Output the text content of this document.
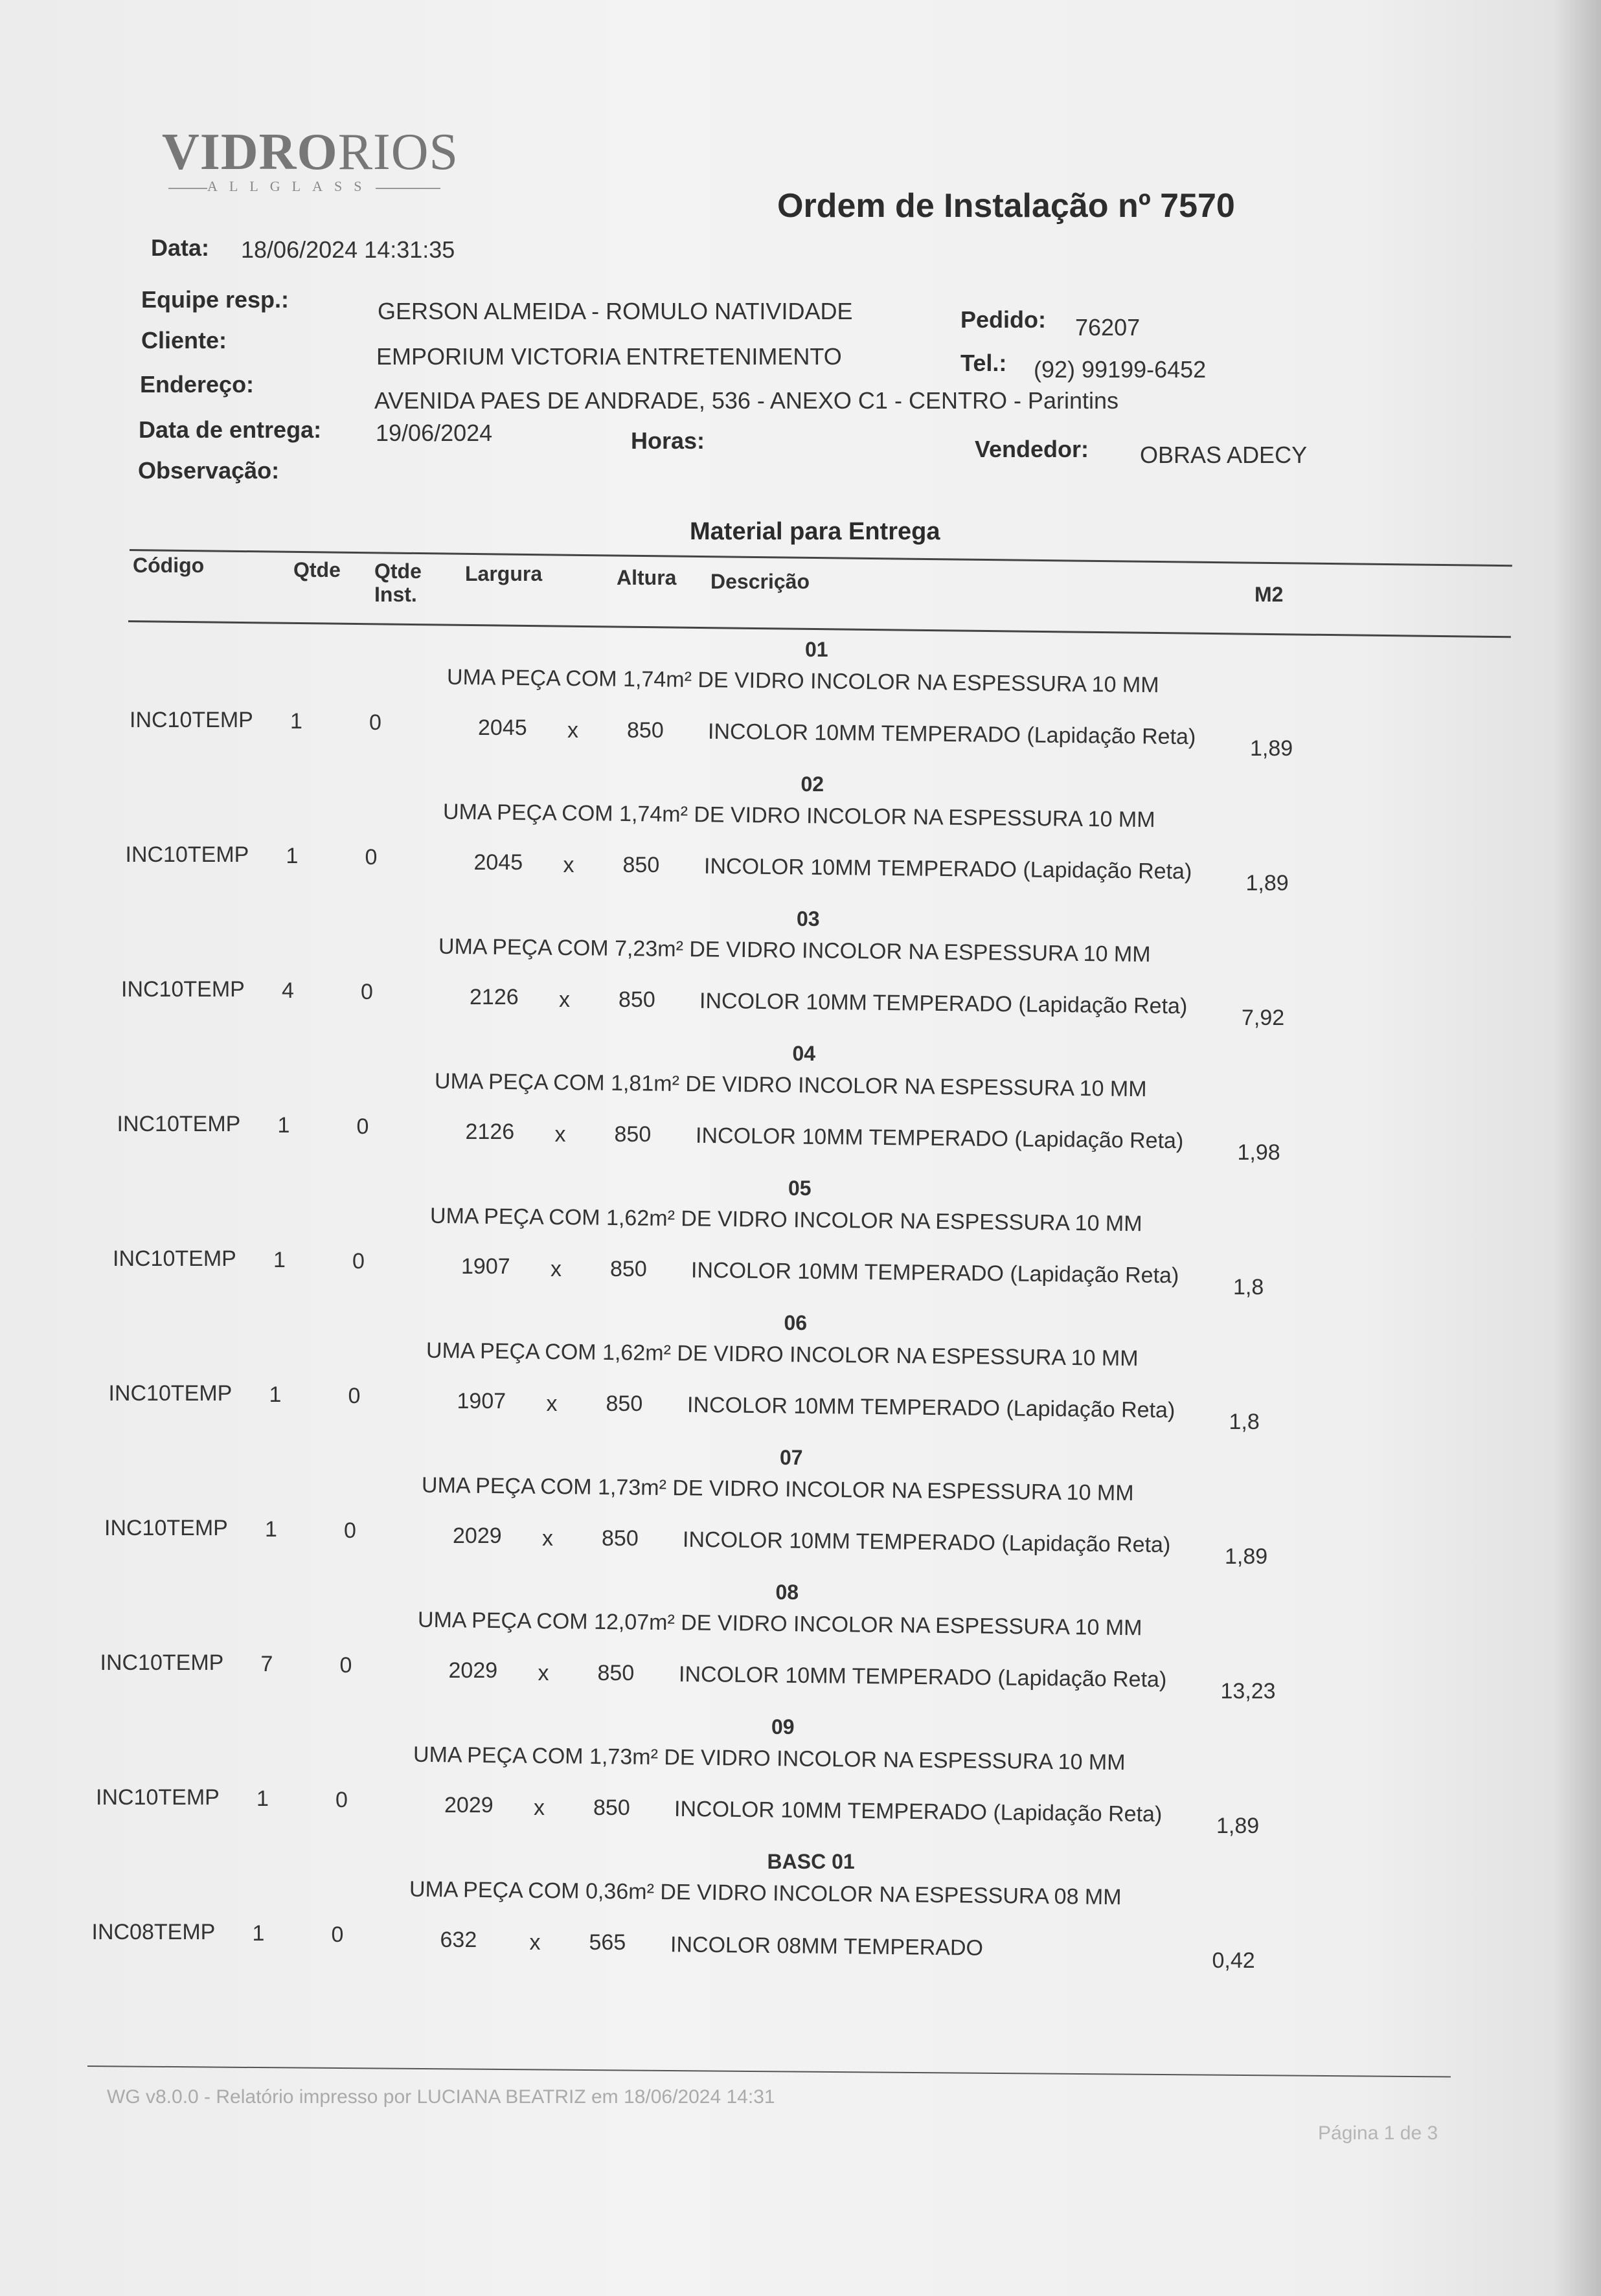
VIDRORIOS
ALLGLASS
Ordem de Instalação nº 7570
Data: 18/06/2024 14:31:35
Equipe resp.:	GERSON ALMEIDA - ROMULO NATIVIDADE	Pedido: 76207
Cliente:
EMPORIUM VICTORIA ENTRETENIMENTO	Tel.: (92) 99199-6452
Endereço:
AVENIDA PAES DE ANDRADE, 536 - ANEXO C1 - CENTRO - Parintins
Data de entrega: 19/06/2024	Horas:	Vendedor: OBRAS ADECY
Observação:
Material para Entrega
Código	Qtde Qtde
Inst.
Largura	Altura Descrição
M2
01
UMA PEÇA COM 1,74m² DE VIDRO INCOLOR NA ESPESSURA 10 MM
INC10TEMP 1	0	2045 x 850 INCOLOR 10MM TEMPERADO (Lapidação Reta) 1,89
02
UMA PEÇA COM 1,74m² DE VIDRO INCOLOR NA ESPESSURA 10 MM
INC10TEMP 1	0	2045 x 850 INCOLOR 10MM TEMPERADO (Lapidação Reta) 1,89
03
UMA PEÇA COM 7,23m² DE VIDRO INCOLOR NA ESPESSURA 10 MM
INC10TEMP 4	0	2126 x 850 INCOLOR 10MM TEMPERADO (Lapidação Reta) 7,92
04
UMA PEÇA COM 1,81m² DE VIDRO INCOLOR NA ESPESSURA 10 MM
INC10TEMP 1	0	2126 x 850 INCOLOR 10MM TEMPERADO (Lapidação Reta) 1,98
05
UMA PEÇA COM 1,62m² DE VIDRO INCOLOR NA ESPESSURA 10 MM
INC10TEMP 1	0	1907 x 850 INCOLOR 10MM TEMPERADO (Lapidação Reta) 1,8
06
UMA PEÇA COM 1,62m² DE VIDRO INCOLOR NA ESPESSURA 10 MM
INC10TEMP 1	0	1907 x 850 INCOLOR 10MM TEMPERADO (Lapidação Reta) 1,8
07
UMA PEÇA COM 1,73m² DE VIDRO INCOLOR NA ESPESSURA 10 MM
INC10TEMP 1	0	2029 x 850 INCOLOR 10MM TEMPERADO (Lapidação Reta) 1,89
08
UMA PEÇA COM 12,07m² DE VIDRO INCOLOR NA ESPESSURA 10 MM
INC10TEMP 7	0	2029 x 850 INCOLOR 10MM TEMPERADO (Lapidação Reta) 13,23
09
UMA PEÇA COM 1,73m² DE VIDRO INCOLOR NA ESPESSURA 10 MM
INC10TEMP 1	0	2029 x 850 INCOLOR 10MM TEMPERADO (Lapidação Reta) 1,89
BASC 01
UMA PEÇA COM 0,36m² DE VIDRO INCOLOR NA ESPESSURA 08 MM
INC08TEMP 1	0	632 x 565 INCOLOR 08MM TEMPERADO
0,42
WG v8.0.0 - Relatório impresso por LUCIANA BEATRIZ em 18/06/2024 14:31
Página 1 de 3
